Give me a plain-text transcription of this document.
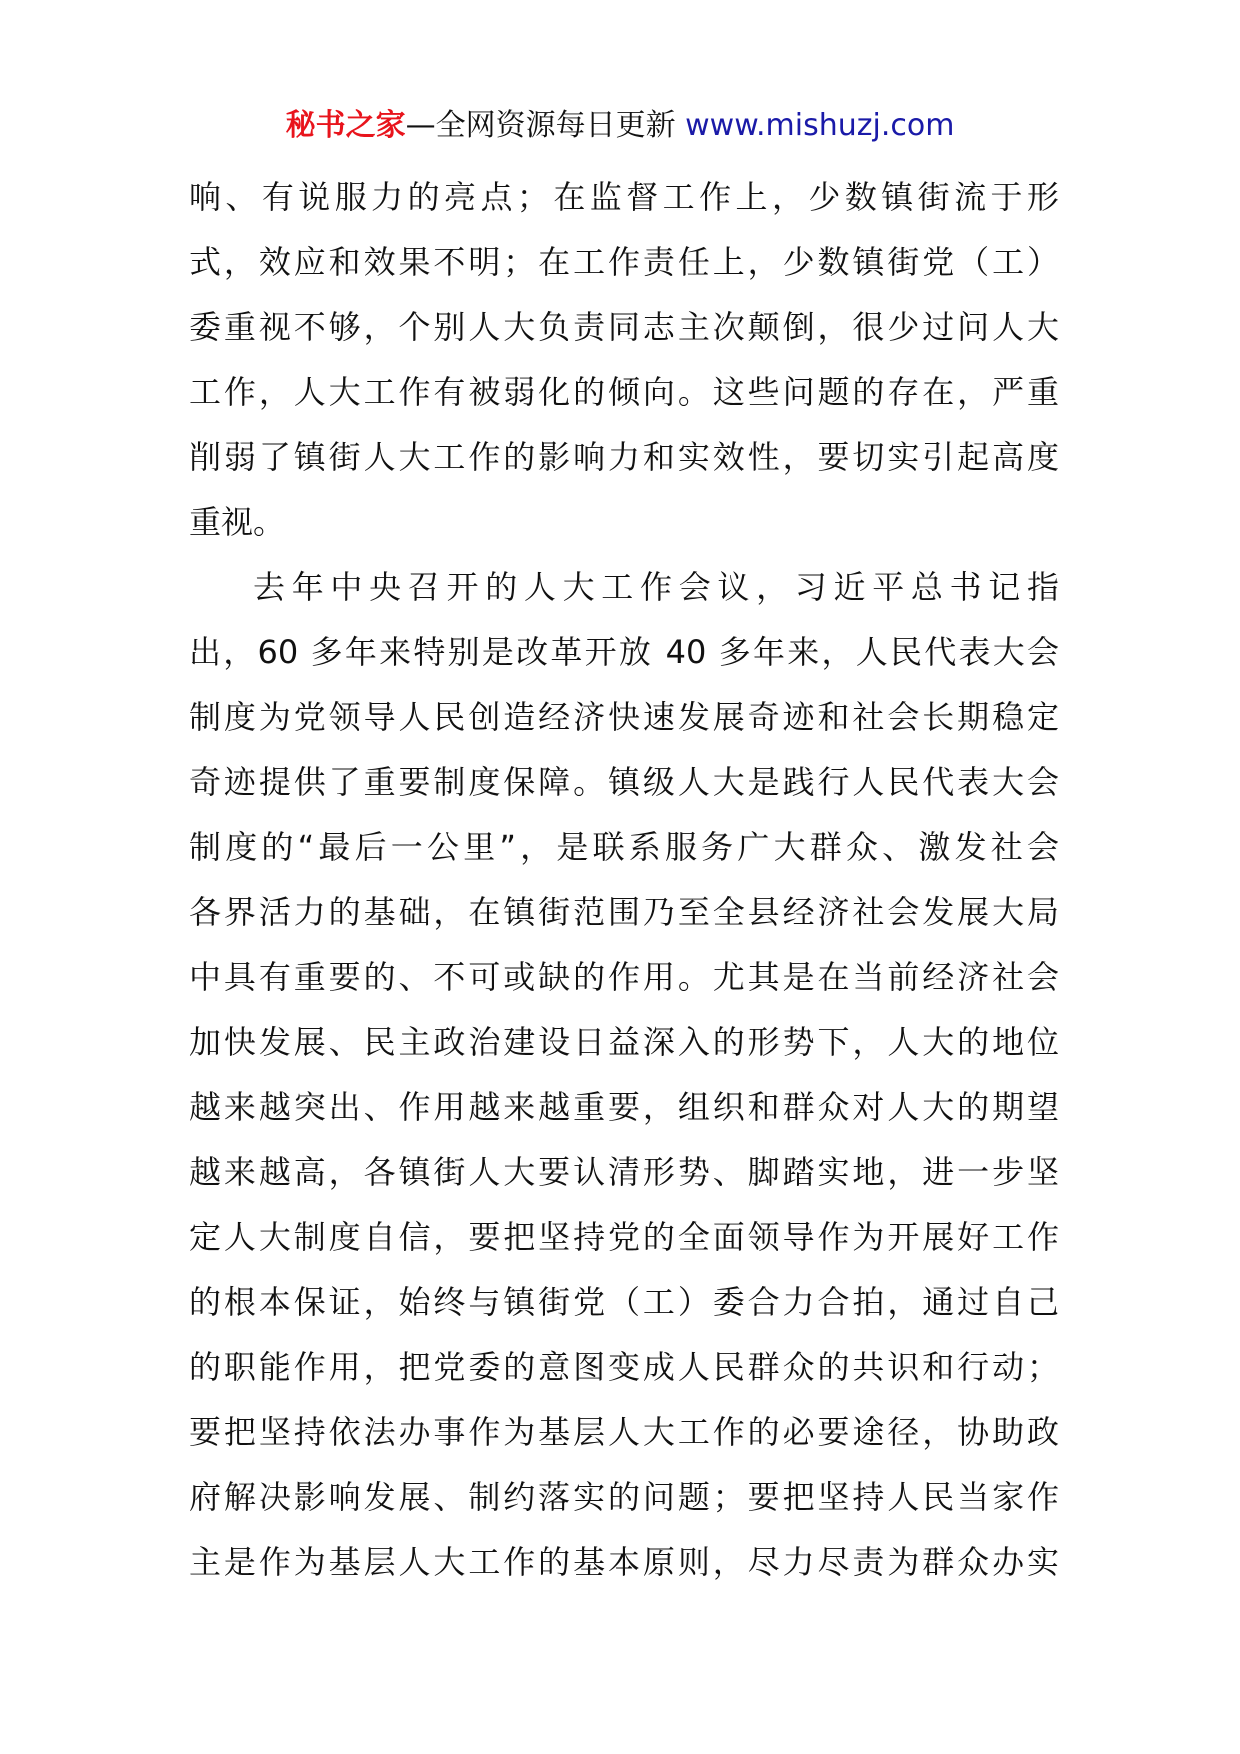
秘书之家—全网资源每日更新 www.mishuzj.com
响、有说服力的亮点；在监督工作上，少数镇街流于形
式，效应和效果不明；在工作责任上，少数镇街党（工）
委重视不够，个别人大负责同志主次颠倒，很少过问人大
工作，人大工作有被弱化的倾向。这些问题的存在，严重
削弱了镇街人大工作的影响力和实效性，要切实引起高度
重视。
去年中央召开的人大工作会议，习近平总书记指
出，60 多年来特别是改革开放 40 多年来，人民代表大会
制度为党领导人民创造经济快速发展奇迹和社会长期稳定
奇迹提供了重要制度保障。镇级人大是践行人民代表大会
制度的“最后一公里”，是联系服务广大群众、激发社会
各界活力的基础，在镇街范围乃至全县经济社会发展大局
中具有重要的、不可或缺的作用。尤其是在当前经济社会
加快发展、民主政治建设日益深入的形势下，人大的地位
越来越突出、作用越来越重要，组织和群众对人大的期望
越来越高，各镇街人大要认清形势、脚踏实地，进一步坚
定人大制度自信，要把坚持党的全面领导作为开展好工作
的根本保证，始终与镇街党（工）委合力合拍，通过自己
的职能作用，把党委的意图变成人民群众的共识和行动；
要把坚持依法办事作为基层人大工作的必要途径，协助政
府解决影响发展、制约落实的问题；要把坚持人民当家作
主是作为基层人大工作的基本原则，尽力尽责为群众办实
